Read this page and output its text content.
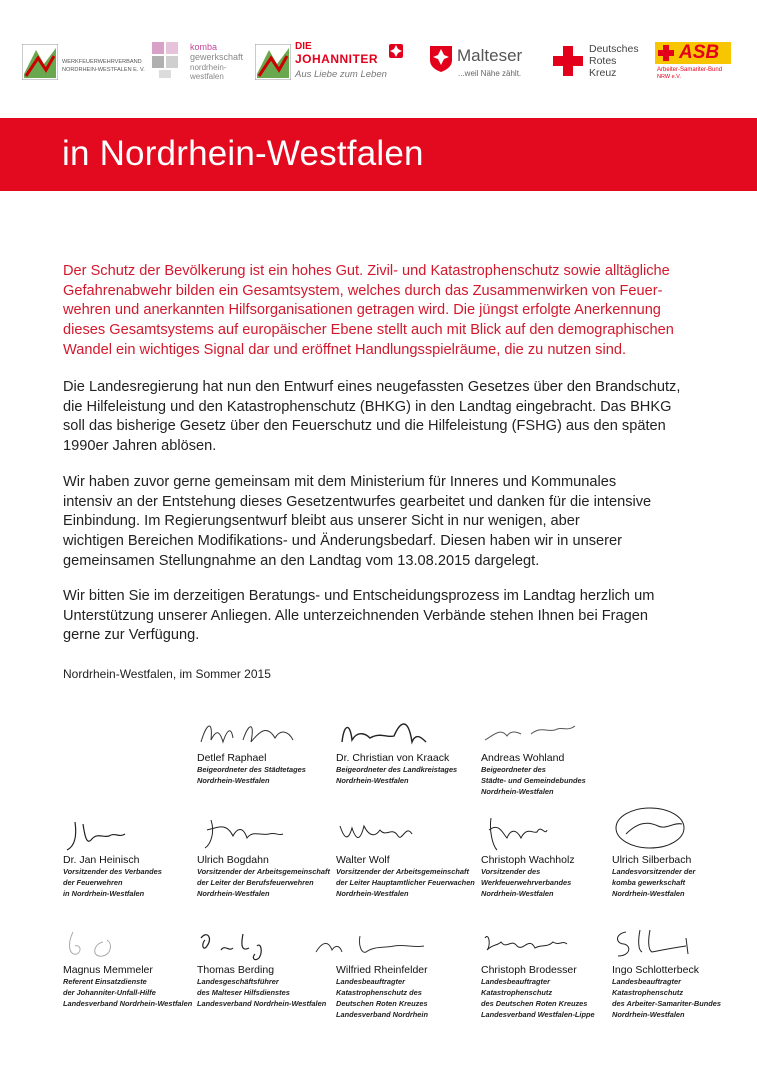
WERKFEUERWEHRVERBAND
NORDRHEIN-WESTFALEN E. V.
komba
gewerkschaft
nordrhein-
westfalen
DIE
JOHANNITER
Aus Liebe zum Leben
Malteser
...weil Nähe zählt.
Deutsches
Rotes
Kreuz
ASB
Arbeiter-Samariter-Bund
NRW e.V.
in Nordrhein-Westfalen
Der Schutz der Bevölkerung ist ein hohes Gut. Zivil- und Katastrophenschutz sowie alltägliche
Gefahrenabwehr bilden ein Gesamtsystem, welches durch das Zusammenwirken von Feuer-
wehren und anerkannten Hilfsorganisationen getragen wird. Die jüngst erfolgte Anerkennung
dieses Gesamtsystems auf europäischer Ebene stellt auch mit Blick auf den demographischen
Wandel ein wichtiges Signal dar und eröffnet Handlungsspielräume, die zu nutzen sind.
Die Landesregierung hat nun den Entwurf eines neugefassten Gesetzes über den Brandschutz,
die Hilfeleistung und den Katastrophenschutz (BHKG) in den Landtag eingebracht. Das BHKG
soll das bisherige Gesetz über den Feuerschutz und die Hilfeleistung (FSHG) aus den späten
1990er Jahren ablösen.
Wir haben zuvor gerne gemeinsam mit dem Ministerium für Inneres und Kommunales
intensiv an der Entstehung dieses Gesetzentwurfes gearbeitet und danken für die intensive
Einbindung. Im Regierungsentwurf bleibt aus unserer Sicht in nur wenigen, aber
wichtigen Bereichen Modifikations- und Änderungsbedarf. Diesen haben wir in unserer
gemeinsamen Stellungnahme an den Landtag vom 13.08.2015 dargelegt.
Wir bitten Sie im derzeitigen Beratungs- und Entscheidungsprozess im Landtag herzlich um
Unterstützung unserer Anliegen. Alle unterzeichnenden Verbände stehen Ihnen bei Fragen
gerne zur Verfügung.
Nordrhein-Westfalen, im Sommer 2015
Detlef Raphael
Beigeordneter des Städtetages
Nordrhein-Westfalen
Dr. Christian von Kraack
Beigeordneter des Landkreistages
Nordrhein-Westfalen
Andreas Wohland
Beigeordneter des
Städte- und Gemeindebundes
Nordrhein-Westfalen
Dr. Jan Heinisch
Vorsitzender des Verbandes
der Feuerwehren
in Nordrhein-Westfalen
Ulrich Bogdahn
Vorsitzender der Arbeitsgemeinschaft
der Leiter der Berufsfeuerwehren
Nordrhein-Westfalen
Walter Wolf
Vorsitzender der Arbeitsgemeinschaft
der Leiter Hauptamtlicher Feuerwachen
Nordrhein-Westfalen
Christoph Wachholz
Vorsitzender des
Werkfeuerwehrverbandes
Nordrhein-Westfalen
Ulrich Silberbach
Landesvorsitzender der
komba gewerkschaft
Nordrhein-Westfalen
Magnus Memmeler
Referent Einsatzdienste
der Johanniter-Unfall-Hilfe
Landesverband Nordrhein-Westfalen
Thomas Berding
Landesgeschäftsführer
des Malteser Hilfsdienstes
Landesverband Nordrhein-Westfalen
Wilfried Rheinfelder
Landesbeauftragter
Katastrophenschutz des
Deutschen Roten Kreuzes
Landesverband Nordrhein
Christoph Brodesser
Landesbeauftragter
Katastrophenschutz
des Deutschen Roten Kreuzes
Landesverband Westfalen-Lippe
Ingo Schlotterbeck
Landesbeauftragter
Katastrophenschutz
des Arbeiter-Samariter-Bundes
Nordrhein-Westfalen
